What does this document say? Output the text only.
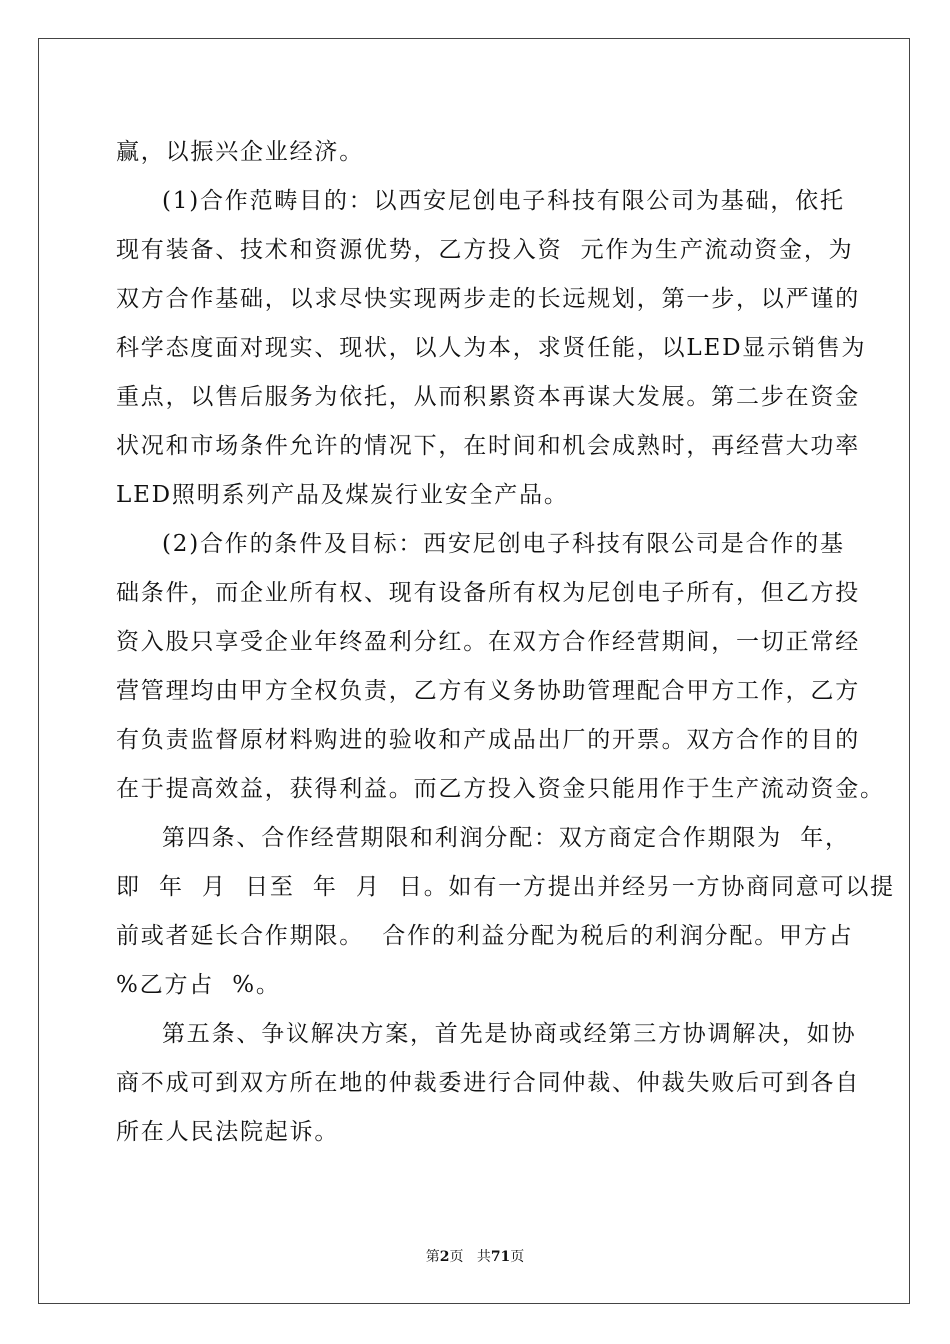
赢，以振兴企业经济。
(1)合作范畴目的：以西安尼创电子科技有限公司为基础，依托
现有装备、技术和资源优势，乙方投入资  元作为生产流动资金，为
双方合作基础，以求尽快实现两步走的长远规划，第一步，以严谨的
科学态度面对现实、现状，以人为本，求贤任能，以LED显示销售为
重点，以售后服务为依托，从而积累资本再谋大发展。第二步在资金
状况和市场条件允许的情况下，在时间和机会成熟时，再经营大功率
LED照明系列产品及煤炭行业安全产品。
(2)合作的条件及目标：西安尼创电子科技有限公司是合作的基
础条件，而企业所有权、现有设备所有权为尼创电子所有，但乙方投
资入股只享受企业年终盈利分红。在双方合作经营期间，一切正常经
营管理均由甲方全权负责，乙方有义务协助管理配合甲方工作，乙方
有负责监督原材料购进的验收和产成品出厂的开票。双方合作的目的
在于提高效益，获得利益。而乙方投入资金只能用作于生产流动资金。
第四条、合作经营期限和利润分配：双方商定合作期限为  年，
即  年  月  日至  年  月  日。如有一方提出并经另一方协商同意可以提
前或者延长合作期限。  合作的利益分配为税后的利润分配。甲方占
%乙方占  %。
第五条、争议解决方案，首先是协商或经第三方协调解决，如协
商不成可到双方所在地的仲裁委进行合同仲裁、仲裁失败后可到各自
所在人民法院起诉。
第2页 共71页
